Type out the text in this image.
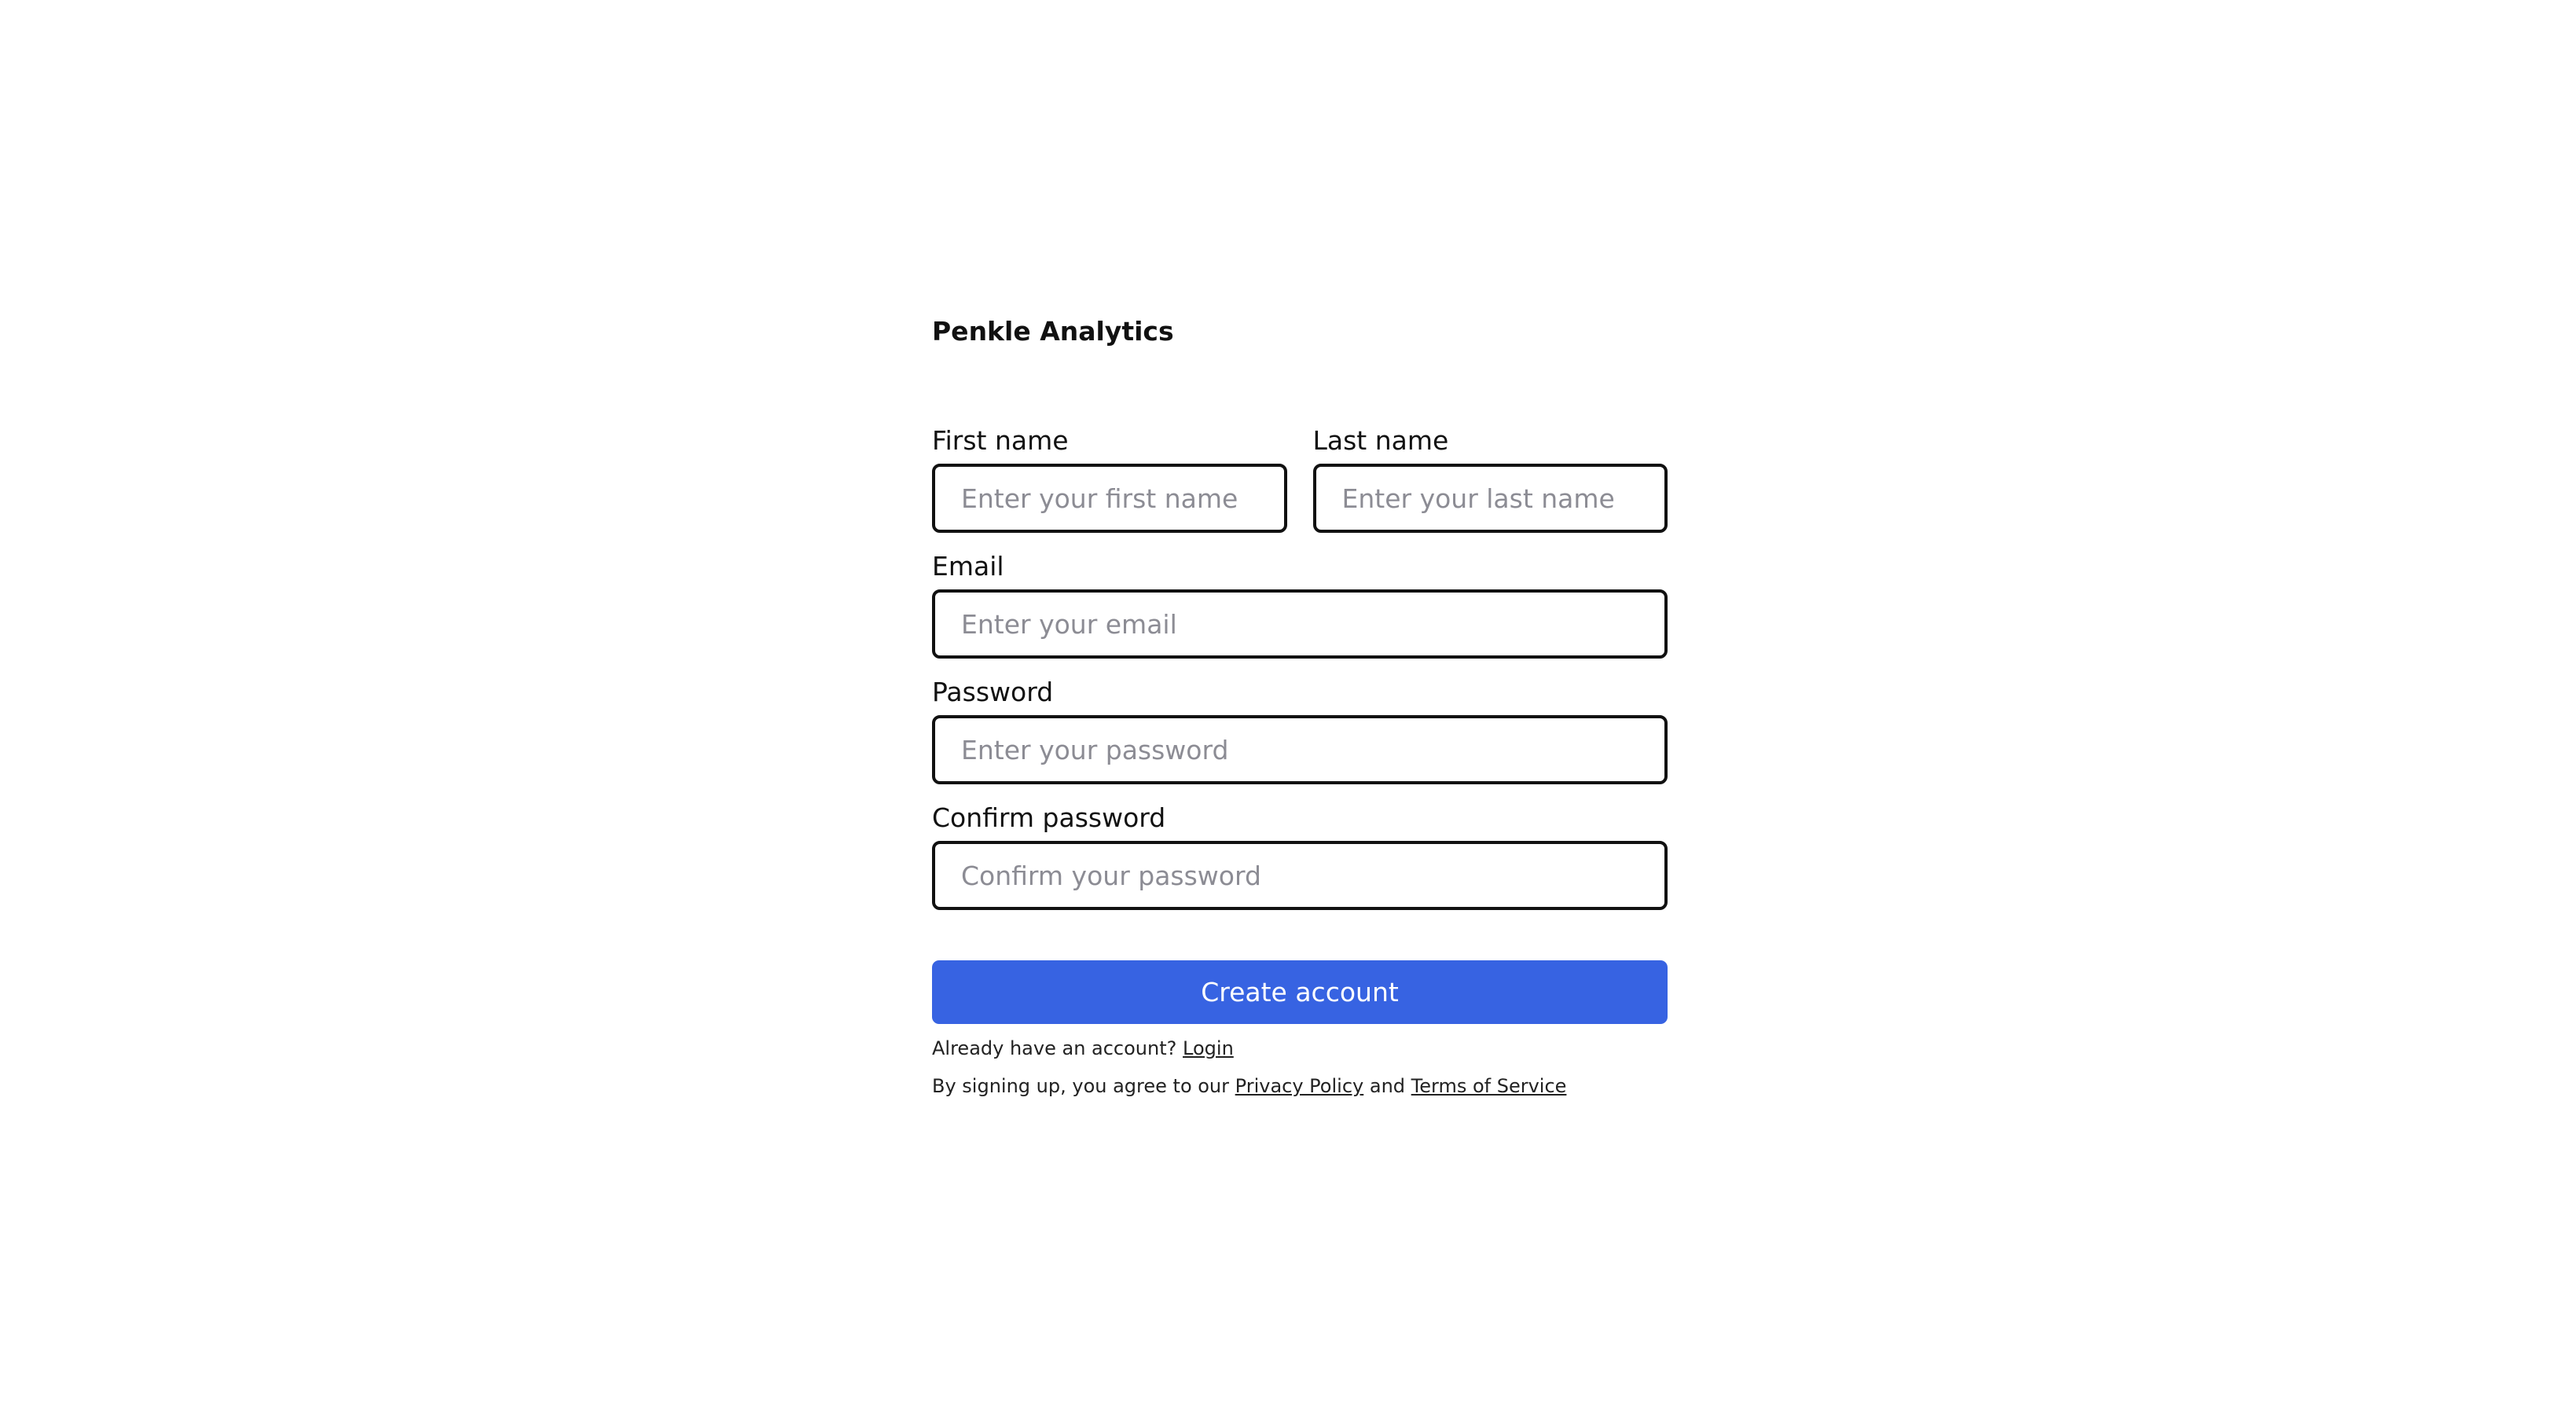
Penkle Analytics
First name
Enter your first name	Last name
Enter your last name
Email
Enter your email
Password
Confirm password
Create account
Already have an account? Login
By signing up, you agree to our Privacy Policy and Terms of Service
